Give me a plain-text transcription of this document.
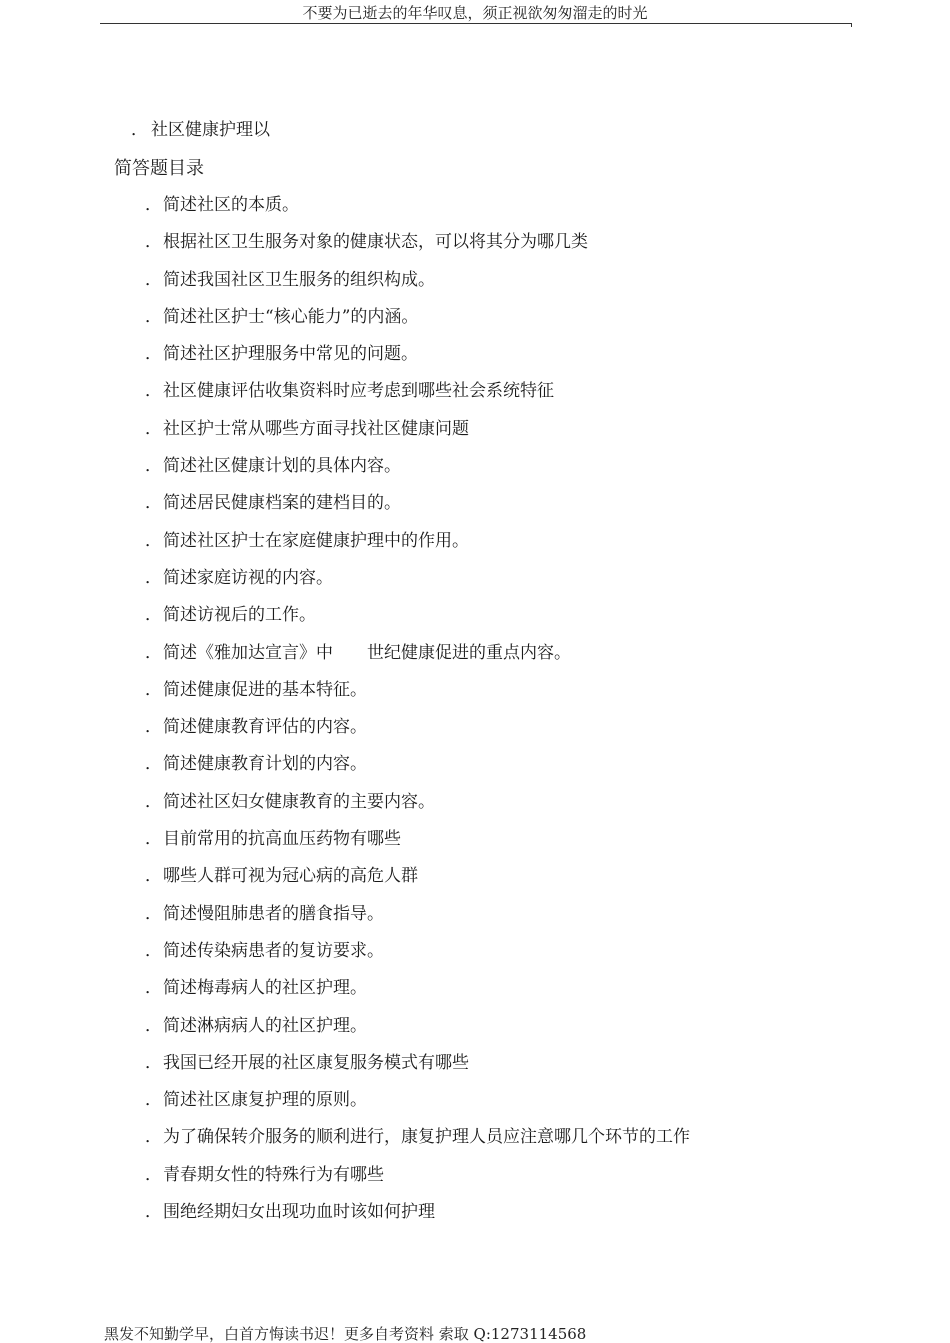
不要为已逝去的年华叹息，须正视欲匆匆溜走的时光
． 社区健康护理以
简答题目录
．简述社区的本质。
．根据社区卫生服务对象的健康状态，可以将其分为哪几类
．简述我国社区卫生服务的组织构成。
．简述社区护士“核心能力”的内涵。
．简述社区护理服务中常见的问题。
．社区健康评估收集资料时应考虑到哪些社会系统特征
．社区护士常从哪些方面寻找社区健康问题
．简述社区健康计划的具体内容。
．简述居民健康档案的建档目的。
．简述社区护士在家庭健康护理中的作用。
．简述家庭访视的内容。
．简述访视后的工作。
．简述《雅加达宣言》中　　世纪健康促进的重点内容。
．简述健康促进的基本特征。
．简述健康教育评估的内容。
．简述健康教育计划的内容。
．简述社区妇女健康教育的主要内容。
．目前常用的抗高血压药物有哪些
．哪些人群可视为冠心病的高危人群
．简述慢阻肺患者的膳食指导。
．简述传染病患者的复访要求。
．简述梅毒病人的社区护理。
．简述淋病病人的社区护理。
．我国已经开展的社区康复服务模式有哪些
．简述社区康复护理的原则。
．为了确保转介服务的顺利进行，康复护理人员应注意哪几个环节的工作
．青春期女性的特殊行为有哪些
．围绝经期妇女出现功血时该如何护理
黑发不知勤学早，白首方悔读书迟！更多自考资料 索取 Q:1273114568
